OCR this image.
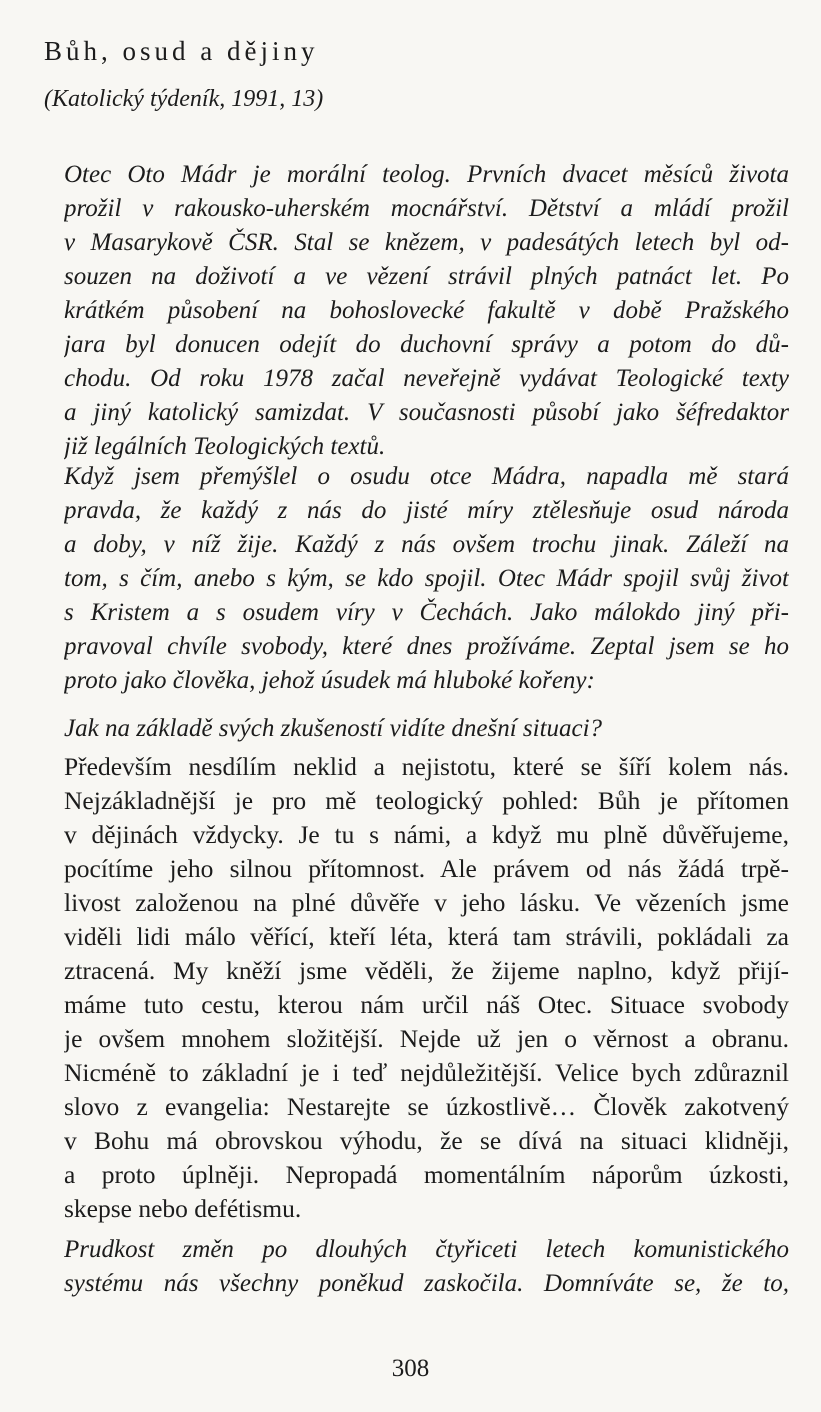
Bůh, osud a dějiny
(Katolický týdeník, 1991, 13)
Otec Oto Mádr je morální teolog. Prvních dvacet měsíců života
prožil v rakousko-uherském mocnářství. Dětství a mládí prožil
v Masarykově ČSR. Stal se knězem, v padesátých letech byl od-
souzen na doživotí a ve vězení strávil plných patnáct let. Po
krátkém působení na bohoslovecké fakultě v době Pražského
jara byl donucen odejít do duchovní správy a potom do dů-
chodu. Od roku 1978 začal neveřejně vydávat Teologické texty
a jiný katolický samizdat. V současnosti působí jako šéfredaktor
již legálních Teologických textů.
Když jsem přemýšlel o osudu otce Mádra, napadla mě stará
pravda, že každý z nás do jisté míry ztělesňuje osud národa
a doby, v níž žije. Každý z nás ovšem trochu jinak. Záleží na
tom, s čím, anebo s kým, se kdo spojil. Otec Mádr spojil svůj život
s Kristem a s osudem víry v Čechách. Jako málokdo jiný při-
pravoval chvíle svobody, které dnes prožíváme. Zeptal jsem se ho
proto jako člověka, jehož úsudek má hluboké kořeny:
Jak na základě svých zkušeností vidíte dnešní situaci?
Především nesdílím neklid a nejistotu, které se šíří kolem nás.
Nejzákladnější je pro mě teologický pohled: Bůh je přítomen
v dějinách vždycky. Je tu s námi, a když mu plně důvěřujeme,
pocítíme jeho silnou přítomnost. Ale právem od nás žádá trpě-
livost založenou na plné důvěře v jeho lásku. Ve vězeních jsme
viděli lidi málo věřící, kteří léta, která tam strávili, pokládali za
ztracená. My kněží jsme věděli, že žijeme naplno, když přijí-
máme tuto cestu, kterou nám určil náš Otec. Situace svobody
je ovšem mnohem složitější. Nejde už jen o věrnost a obranu.
Nicméně to základní je i teď nejdůležitější. Velice bych zdůraznil
slovo z evangelia: Nestarejte se úzkostlivě… Člověk zakotvený
v Bohu má obrovskou výhodu, že se dívá na situaci klidněji,
a proto úplněji. Nepropadá momentálním náporům úzkosti,
skepse nebo defétismu.
Prudkost změn po dlouhých čtyřiceti letech komunistického
systému nás všechny poněkud zaskočila. Domníváte se, že to,
308
